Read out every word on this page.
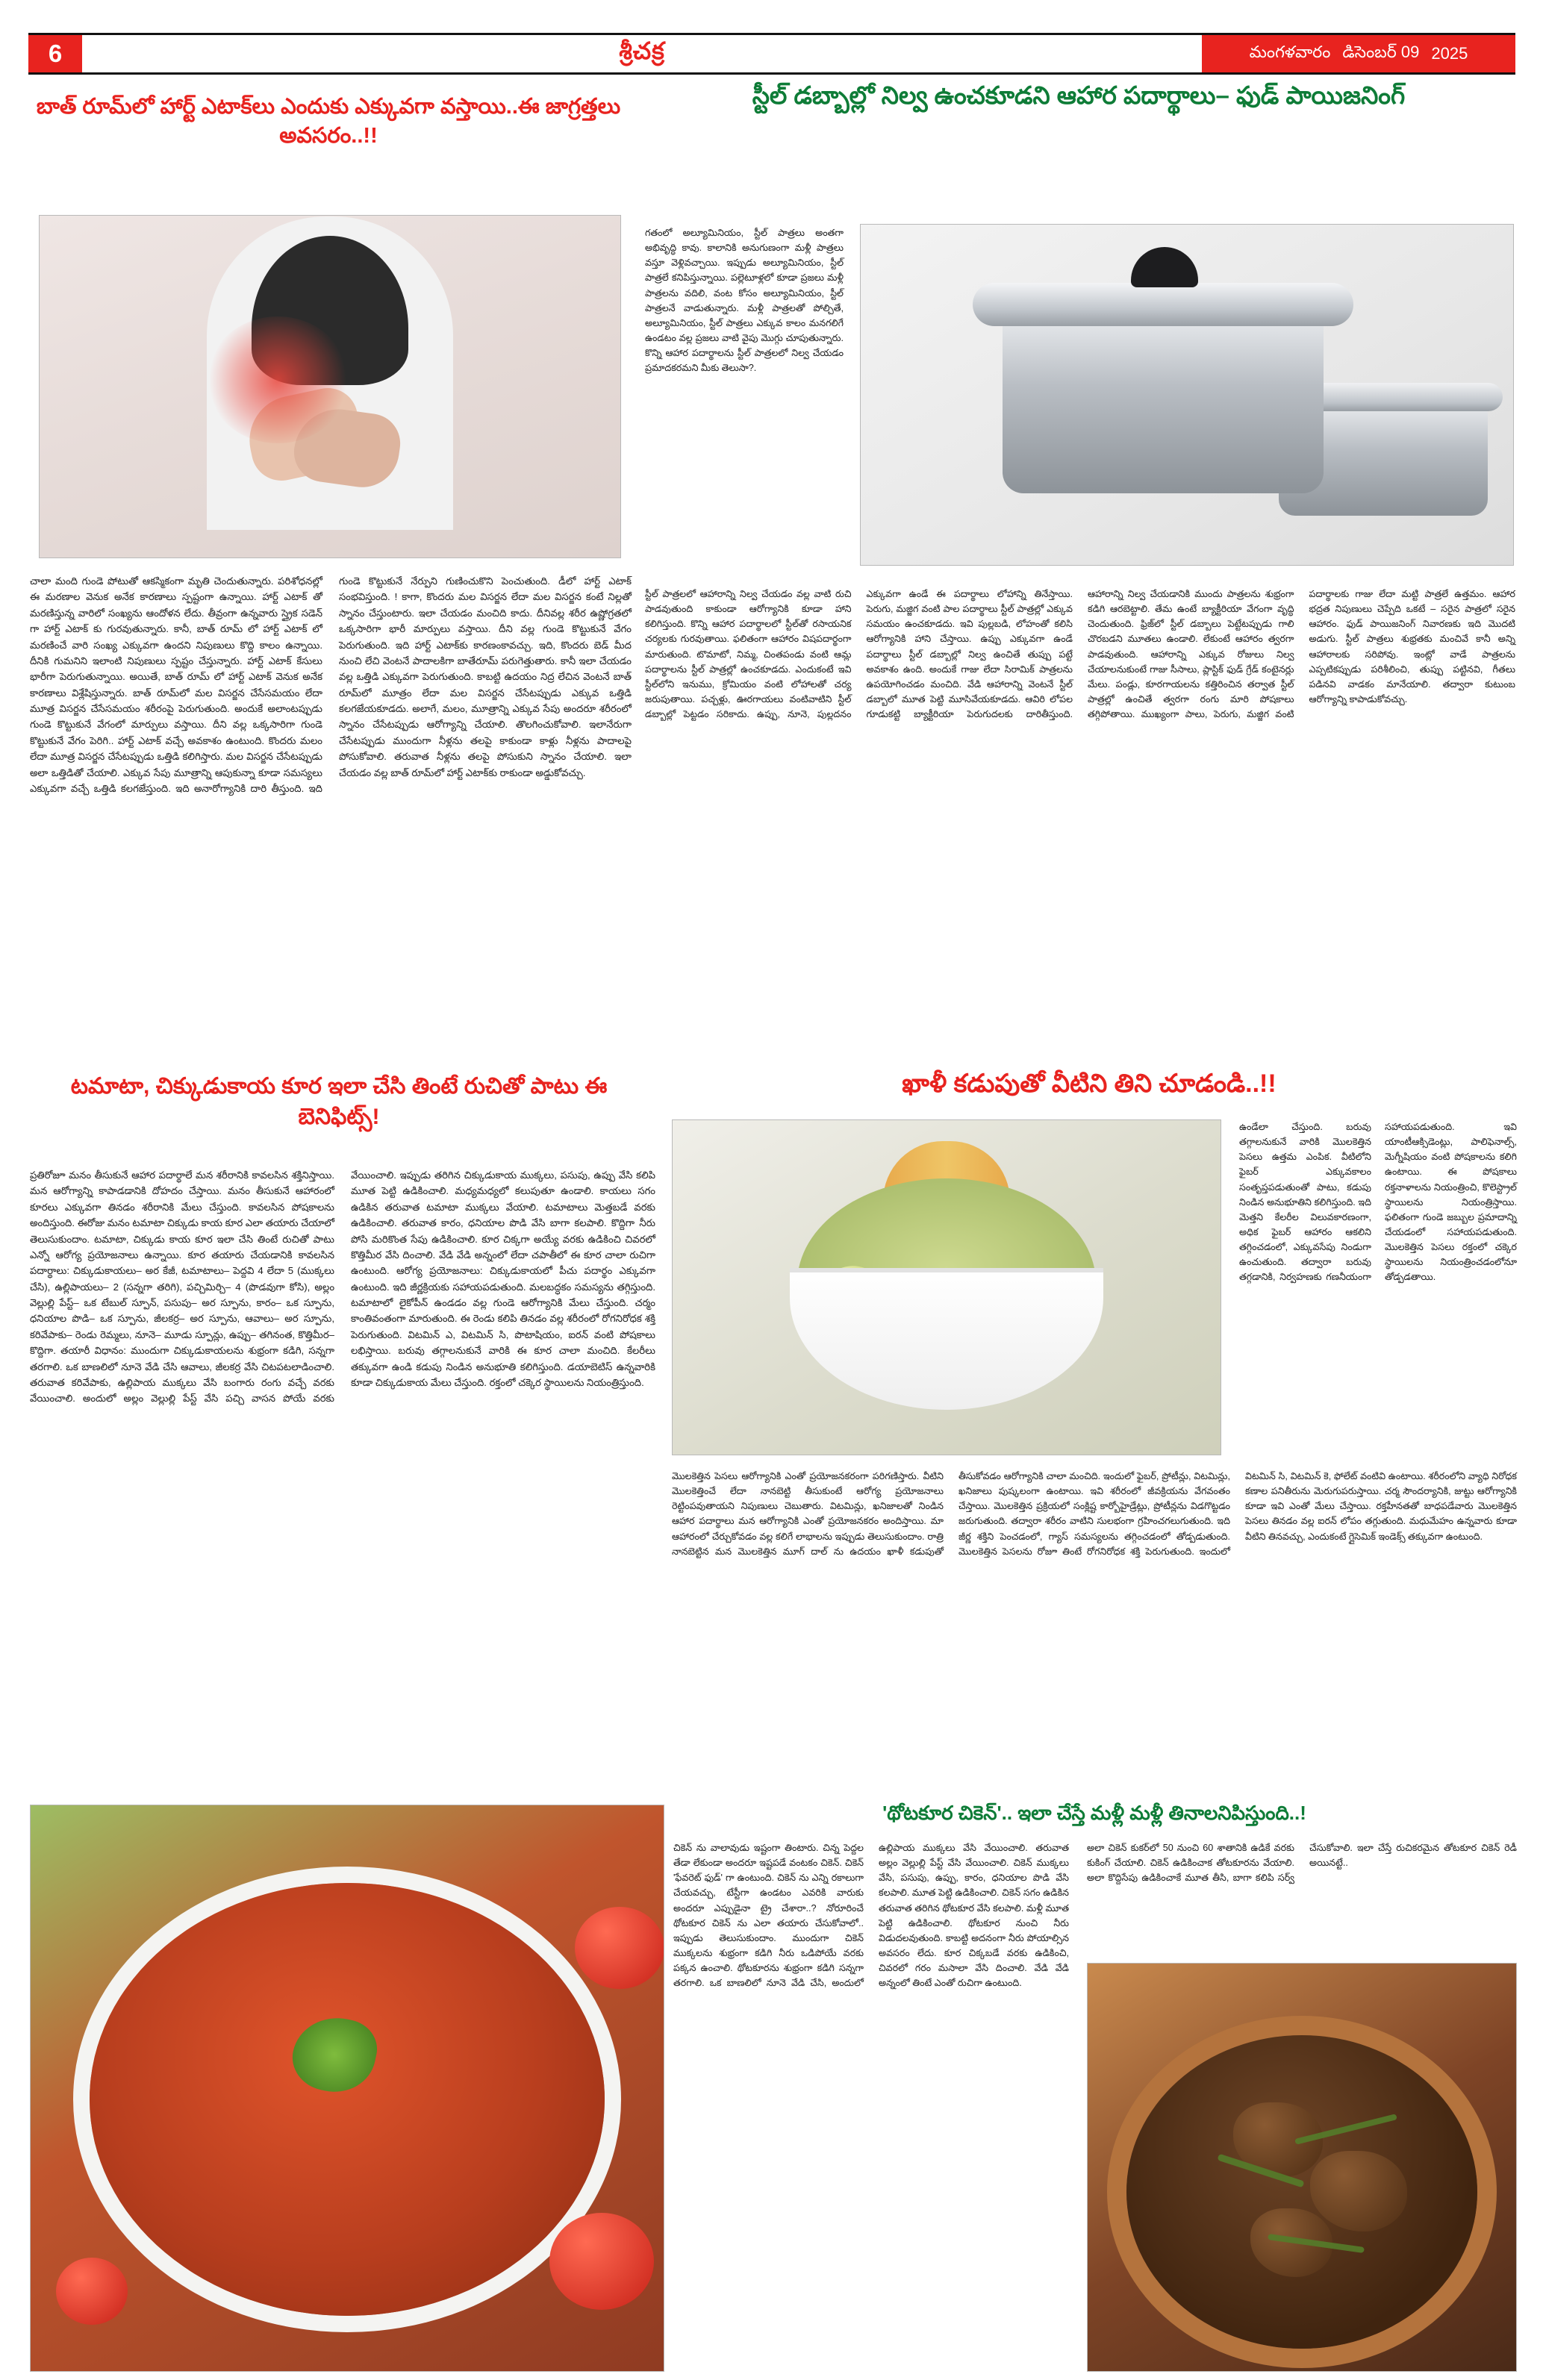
6	శ్రీచక్ర	మంగళవారం డిసెంబర్ 09 2025
బాత్ రూమ్‌లో హార్ట్ ఎటాక్‌లు ఎందుకు ఎక్కువగా వస్తాయి..ఈ జాగ్రత్తలు అవసరం..!!
చాలా మంది గుండె పోటుతో ఆకస్మికంగా మృతి చెందుతున్నారు. పరిశోధనల్లో ఈ మరణాల వెనుక అనేక కారణాలు స్పష్టంగా ఉన్నాయి. హార్ట్ ఎటాక్ తో మరణిస్తున్న వారిలో సంఖ్యను ఆందోళన లేదు. తీవ్రంగా ఉన్నవారు స్త్రైక సడెన్ గా హార్ట్ ఎటాక్ కు గురవుతున్నారు. కానీ, బాత్ రూమ్ లో హార్ట్ ఎటాక్ లో మరణించే వారి సంఖ్య ఎక్కువగా ఉందని నిపుణులు కొద్ది కాలం ఉన్నాయి. దీనికి గుమనిని ఇలాంటి నిపుణులు స్పష్టం చేస్తున్నారు. హార్ట్ ఎటాక్ కేసులు భారీగా పెరుగుతున్నాయి. అయితే, బాత్ రూమ్ లో హార్ట్ ఎటాక్ వెనుక అనేక కారణాలు విశ్లేషిస్తున్నారు. బాత్ రూమ్‌లో మల విసర్జన చేసేసమయం లేదా మూత్ర విసర్జన చేసేసమయం శరీరంపై పెరుగుతుంది. అందుకే అలాంటప్పుడు గుండె కొట్టుకునే వేగంలో మార్పులు వస్తాయి. దీని వల్ల ఒక్కసారిగా గుండె కొట్టుకునే వేగం పెరిగి.. హార్ట్ ఎటాక్ వచ్చే అవకాశం ఉంటుంది. కొందరు మలం లేదా మూత్ర విసర్జన చేసేటప్పుడు ఒత్తిడి కలిగిస్తారు. మల విసర్జన చేసేటప్పుడు అలా ఒత్తిడితో చేయాలి. ఎక్కువ సేపు మూత్రాన్ని ఆపుకున్నా కూడా సమస్యలు ఎక్కువగా వచ్చే ఒత్తిడి కలగజేస్తుంది. ఇది అనారోగ్యానికి దారి తీస్తుంది. ఇది గుండె కొట్టుకునే నేర్పుని గుణించుకొని పెంచుతుంది. డీలో హార్ట్ ఎటాక్ సంభవిస్తుంది. ! కాగా, కొందరు మల విసర్జన లేదా మల విసర్జన కంటే నిల్లతో స్నానం చేస్తుంటారు. ఇలా చేయడం మంచిది కాదు. దీనివల్ల శరీర ఉష్ణోగ్రతలో ఒక్కసారిగా భారీ మార్పులు వస్తాయి. దీని వల్ల గుండె కొట్టుకునే వేగం పెరుగుతుంది. ఇది హార్ట్ ఎటాక్‌కు కారణంకావచ్చు. ఇది, కొందరు బెడ్ మీద నుంచి లేచి వెంటనే పాదాలకిగా బాతేరూమ్ పరుగెత్తుతారు. కానీ ఇలా చేయడం వల్ల ఒత్తిడి ఎక్కువగా పెరుగుతుంది. కాబట్టి ఉదయం నిద్ర లేచిన వెంటనే బాత్ రూమ్‌లో మూత్రం లేదా మల విసర్జన చేసేటప్పుడు ఎక్కువ ఒత్తిడి కలగజేయకూడదు. అలాగే, మలం, మూత్రాన్ని ఎక్కువ సేపు అందరూ శరీరంలో స్నానం చేసేటప్పుడు ఆరోగ్యాన్ని చేయాలి. తొలగించుకోవాలి. ఇలానేరుగా చేసేటప్పుడు ముందుగా నీళ్లను తలపై కాకుండా కాళ్లు నీళ్లను పాదాలపై పోసుకోవాలి. తరువాత నీళ్లను తలపై పోసుకుని స్నానం చేయాలి. ఇలా చేయడం వల్ల బాత్ రూమ్‌లో హార్ట్ ఎటాక్‌కు రాకుండా అడ్డుకోవచ్చు.
స్టీల్ డబ్బాల్లో నిల్వ ఉంచకూడని ఆహార పదార్థాలు– ఫుడ్ పాయిజనింగ్
గతంలో అల్యూమినియం, స్టీల్ పాత్రలు అంతగా అభివృద్ధి కావు. కాలానికి అనుగుణంగా మళ్లీ పాత్రలు వస్తూ వెళ్లివచ్చాయి. ఇప్పుడు అల్యూమినియం, స్టీల్ పాత్రలే కనిపిస్తున్నాయి. పల్లెటూళ్లలో కూడా ప్రజలు మళ్లీ పాత్రలను వదిలి, వంట కోసం అల్యూమినియం, స్టీల్ పాత్రలనే వాడుతున్నారు. మళ్లీ పాత్రలతో పోల్చితే, అల్యూమినియం, స్టీల్ పాత్రలు ఎక్కువ కాలం మనగలిగే ఉండటం వల్ల ప్రజలు వాటి వైపు మొగ్గు చూపుతున్నారు. కొన్ని ఆహార పదార్థాలను స్టీల్ పాత్రలలో నిల్వ చేయడం ప్రమాదకరమని మీకు తెలుసా?.
స్టీల్ పాత్రలలో ఆహారాన్ని నిల్వ చేయడం వల్ల వాటి రుచి పాడవుతుంది కాకుండా ఆరోగ్యానికి కూడా హాని కలిగిస్తుంది. కొన్ని ఆహార పదార్థాలలో స్టీల్‌తో రసాయనిక చర్యలకు గురవుతాయి. ఫలితంగా ఆహారం విషపదార్థంగా మారుతుంది. టొమాటో, నిమ్మ, చింతపండు వంటి ఆమ్ల పదార్థాలను స్టీల్ పాత్రల్లో ఉంచకూడదు. ఎందుకంటే ఇవి స్టీల్‌లోని ఇనుము, క్రోమియం వంటి లోహాలతో చర్య జరుపుతాయి. పచ్చళ్లు, ఊరగాయలు వంటివాటిని స్టీల్ డబ్బాల్లో పెట్టడం సరికాదు. ఉప్పు, నూనె, పుల్లదనం ఎక్కువగా ఉండే ఈ పదార్థాలు లోహాన్ని తినేస్తాయి. పెరుగు, మజ్జిగ వంటి పాల పదార్థాలు స్టీల్ పాత్రల్లో ఎక్కువ సమయం ఉంచకూడదు. ఇవి పుల్లబడి, లోహంతో కలిసి ఆరోగ్యానికి హాని చేస్తాయి. ఉప్పు ఎక్కువగా ఉండే పదార్థాలు స్టీల్ డబ్బాల్లో నిల్వ ఉంచితే తుప్పు పట్టే అవకాశం ఉంది. అందుకే గాజు లేదా సిరామిక్ పాత్రలను ఉపయోగించడం మంచిది. వేడి ఆహారాన్ని వెంటనే స్టీల్ డబ్బాలో మూత పెట్టి మూసివేయకూడదు. ఆవిరి లోపల గూడుకట్టి బ్యాక్టీరియా పెరుగుదలకు దారితీస్తుంది. ఆహారాన్ని నిల్వ చేయడానికి ముందు పాత్రలను శుభ్రంగా కడిగి ఆరబెట్టాలి. తేమ ఉంటే బ్యాక్టీరియా వేగంగా వృద్ధి చెందుతుంది. ఫ్రిజ్‌లో స్టీల్ డబ్బాలు పెట్టేటప్పుడు గాలి చొరబడని మూతలు ఉండాలి. లేకుంటే ఆహారం త్వరగా పాడవుతుంది. ఆహారాన్ని ఎక్కువ రోజులు నిల్వ చేయాలనుకుంటే గాజు సీసాలు, ప్లాస్టిక్ ఫుడ్ గ్రేడ్ కంటైనర్లు మేలు. పండ్లు, కూరగాయలను కత్తిరించిన తర్వాత స్టీల్ పాత్రల్లో ఉంచితే త్వరగా రంగు మారి పోషకాలు తగ్గిపోతాయి. ముఖ్యంగా పాలు, పెరుగు, మజ్జిగ వంటి పదార్థాలకు గాజు లేదా మట్టి పాత్రలే ఉత్తమం. ఆహార భద్రత నిపుణులు చెప్పేది ఒకటే – సరైన పాత్రలో సరైన ఆహారం. ఫుడ్ పాయిజనింగ్ నివారణకు ఇది మొదటి అడుగు. స్టీల్ పాత్రలు శుభ్రతకు మంచివే కానీ అన్ని ఆహారాలకు సరిపోవు. ఇంట్లో వాడే పాత్రలను ఎప్పటికప్పుడు పరిశీలించి, తుప్పు పట్టినవి, గీతలు పడినవి వాడకం మానేయాలి. తద్వారా కుటుంబ ఆరోగ్యాన్ని కాపాడుకోవచ్చు.
టమాటా, చిక్కుడుకాయ కూర ఇలా చేసి తింటే రుచితో పాటు ఈ బెనిఫిట్స్!
ప్రతిరోజూ మనం తీసుకునే ఆహార పదార్థాలే మన శరీరానికి కావలసిన శక్తినిస్తాయి. మన ఆరోగ్యాన్ని కాపాడడానికి దోహదం చేస్తాయి. మనం తీసుకునే ఆహారంలో కూరలు ఎక్కువగా తినడం శరీరానికి మేలు చేస్తుంది. కావలసిన పోషకాలను అందిస్తుంది. ఈరోజు మనం టమాటా చిక్కుడు కాయ కూర ఎలా తయారు చేయాలో తెలుసుకుందాం. టమాటా, చిక్కుడు కాయ కూర ఇలా చేసి తింటే రుచితో పాటు ఎన్నో ఆరోగ్య ప్రయోజనాలు ఉన్నాయి. కూర తయారు చేయడానికి కావలసిన పదార్థాలు: చిక్కుడుకాయలు– అర కేజీ, టమాటాలు– పెద్దవి 4 లేదా 5 (ముక్కలు చేసి), ఉల్లిపాయలు– 2 (సన్నగా తరిగి), పచ్చిమిర్చి– 4 (పొడవుగా కోసి), అల్లం వెల్లుల్లి పేస్ట్– ఒక టేబుల్ స్పూన్, పసుపు– అర స్పూను, కారం– ఒక స్పూను, ధనియాల పొడి– ఒక స్పూను, జీలకర్ర– అర స్పూను, ఆవాలు– అర స్పూను, కరివేపాకు– రెండు రెమ్మలు, నూనె– మూడు స్పూన్లు, ఉప్పు– తగినంత, కొత్తిమీర– కొద్దిగా. తయారీ విధానం: ముందుగా చిక్కుడుకాయలను శుభ్రంగా కడిగి, సన్నగా తరగాలి. ఒక బాణలిలో నూనె వేడి చేసి ఆవాలు, జీలకర్ర వేసి చిటపటలాడించాలి. తరువాత కరివేపాకు, ఉల్లిపాయ ముక్కలు వేసి బంగారు రంగు వచ్చే వరకు వేయించాలి. అందులో అల్లం వెల్లుల్లి పేస్ట్ వేసి పచ్చి వాసన పోయే వరకు వేయించాలి. ఇప్పుడు తరిగిన చిక్కుడుకాయ ముక్కలు, పసుపు, ఉప్పు వేసి కలిపి మూత పెట్టి ఉడికించాలి. మధ్యమధ్యలో కలుపుతూ ఉండాలి. కాయలు సగం ఉడికిన తరువాత టమాటా ముక్కలు వేయాలి. టమాటాలు మెత్తబడే వరకు ఉడికించాలి. తరువాత కారం, ధనియాల పొడి వేసి బాగా కలపాలి. కొద్దిగా నీరు పోసి మరికొంత సేపు ఉడికించాలి. కూర చిక్కగా అయ్యే వరకు ఉడికించి చివరలో కొత్తిమీర వేసి దించాలి. వేడి వేడి అన్నంలో లేదా చపాతీలో ఈ కూర చాలా రుచిగా ఉంటుంది. ఆరోగ్య ప్రయోజనాలు: చిక్కుడుకాయలో పీచు పదార్థం ఎక్కువగా ఉంటుంది. ఇది జీర్ణక్రియకు సహాయపడుతుంది. మలబద్ధకం సమస్యను తగ్గిస్తుంది. టమాటాలో లైకోపీన్ ఉండడం వల్ల గుండె ఆరోగ్యానికి మేలు చేస్తుంది. చర్మం కాంతివంతంగా మారుతుంది. ఈ రెండు కలిపి తినడం వల్ల శరీరంలో రోగనిరోధక శక్తి పెరుగుతుంది. విటమిన్ ఎ, విటమిన్ సి, పొటాషియం, ఐరన్ వంటి పోషకాలు లభిస్తాయి. బరువు తగ్గాలనుకునే వారికి ఈ కూర చాలా మంచిది. కేలరీలు తక్కువగా ఉండి కడుపు నిండిన అనుభూతి కలిగిస్తుంది. డయాబెటిస్ ఉన్నవారికి కూడా చిక్కుడుకాయ మేలు చేస్తుంది. రక్తంలో చక్కెర స్థాయిలను నియంత్రిస్తుంది.
ఖాళీ కడుపుతో వీటిని తిని చూడండి..!!
ఉండేలా చేస్తుంది. బరువు తగ్గాలనుకునే వారికి మొలకెత్తిన పెసలు ఉత్తమ ఎంపిక. వీటిలోని ఫైబర్ ఎక్కువకాలం సంతృప్తపడుతుంతో పాటు, కడుపు నిండిన అనుభూతిని కలిగిస్తుంది. ఇది మెత్తని కేలరీల విలువకారణంగా, అధిక ఫైబర్ ఆహారం ఆకలిని తగ్గించడంలో, ఎక్కువసేపు నిండుగా ఉంచుతుంది. తద్వారా బరువు తగ్గడానికి, నిర్వహణకు గణనీయంగా సహాయపడుతుంది. ఇవి యాంటీఆక్సిడెంట్లు, పాలిఫెనాల్స్, మెగ్నీషియం వంటి పోషకాలను కలిగి ఉంటాయి. ఈ పోషకాలు రక్తనాళాలను నియంత్రించి, కొలెస్ట్రాల్ స్థాయిలను నియంత్రిస్తాయి. ఫలితంగా గుండె జబ్బుల ప్రమాదాన్ని చేయడంలో సహాయపడుతుంది. మొలకెత్తిన పెసలు రక్తంలో చక్కెర స్థాయిలను నియంత్రించడంలోనూ తోడ్పడతాయి.
మొలకెత్తిన పెసలు ఆరోగ్యానికి ఎంతో ప్రయోజనకరంగా పరిగణిస్తారు. వీటిని మొలకెత్తించే లేదా నానబెట్టి తీసుకుంటే ఆరోగ్య ప్రయోజనాలు రెట్టింపవుతాయని నిపుణులు చెబుతారు. విటమిన్లు, ఖనిజాలతో నిండిన ఆహార పదార్థాలు మన ఆరోగ్యానికి ఎంతో ప్రయోజనకరం అందిస్తాయి. మా ఆహారంలో చేర్చుకోవడం వల్ల కలిగే లాభాలను ఇప్పుడు తెలుసుకుందాం. రాత్రి నానబెట్టిన మన మొలకెత్తిన మూగ్ దాల్ ను ఉదయం ఖాళీ కడుపుతో తీసుకోవడం ఆరోగ్యానికి చాలా మంచిది. ఇందులో ఫైబర్, ప్రోటీన్లు, విటమిన్లు, ఖనిజాలు పుష్కలంగా ఉంటాయి. ఇవి శరీరంలో జీవక్రియను వేగవంతం చేస్తాయి. మొలకెత్తిన ప్రక్రియలో సంక్లిష్ట కార్బోహైడ్రేట్లు, ప్రోటీన్లను విడగొట్టడం జరుగుతుంది. తద్వారా శరీరం వాటిని సులభంగా గ్రహించగలుగుతుంది. ఇది జీర్ణ శక్తిని పెంచడంలో, గ్యాస్ సమస్యలను తగ్గించడంలో తోడ్పడుతుంది. మొలకెత్తిన పెసలను రోజూ తింటే రోగనిరోధక శక్తి పెరుగుతుంది. ఇందులో విటమిన్ సి, విటమిన్ కె, ఫోలేట్ వంటివి ఉంటాయి. శరీరంలోని వ్యాధి నిరోధక కణాల పనితీరును మెరుగుపరుస్తాయి. చర్మ సౌందర్యానికి, జుట్టు ఆరోగ్యానికి కూడా ఇవి ఎంతో మేలు చేస్తాయి. రక్తహీనతతో బాధపడేవారు మొలకెత్తిన పెసలు తినడం వల్ల ఐరన్ లోపం తగ్గుతుంది. మధుమేహం ఉన్నవారు కూడా వీటిని తినవచ్చు, ఎందుకంటే గ్లైసెమిక్ ఇండెక్స్ తక్కువగా ఉంటుంది.
'థోటకూర చికెన్'.. ఇలా చేస్తే మళ్లీ మళ్లీ తినాలనిపిస్తుంది..!
చికెన్ ను వాలావుడు ఇష్టంగా తింటారు. చిన్న పెద్దల తేడా లేకుండా అందరూ ఇష్టపడే వంటకం చికెన్. చికెన్ 'ఫేవరెట్ ఫుడ్' గా ఉంటుంది. చికెన్ ను ఎన్ని రకాలుగా చేయవచ్చు, టేస్టీగా ఉండటం ఎవరికి వారుకు అందరూ ఎప్పుడైనా ట్రై చేశారా..? నోరూరించే థోటకూర చికెన్ ను ఎలా తయారు చేసుకోవాలో.. ఇప్పుడు తెలుసుకుందాం. ముందుగా చికెన్ ముక్కలను శుభ్రంగా కడిగి నీరు ఒడిపోయే వరకు పక్కన ఉంచాలి. థోటకూరను శుభ్రంగా కడిగి సన్నగా తరగాలి. ఒక బాణలిలో నూనె వేడి చేసి, అందులో ఉల్లిపాయ ముక్కలు వేసి వేయించాలి. తరువాత అల్లం వెల్లుల్లి పేస్ట్ వేసి వేయించాలి. చికెన్ ముక్కలు వేసి, పసుపు, ఉప్పు, కారం, ధనియాల పొడి వేసి కలపాలి. మూత పెట్టి ఉడికించాలి. చికెన్ సగం ఉడికిన తరువాత తరిగిన థోటకూర వేసి కలపాలి. మళ్లీ మూత పెట్టి ఉడికించాలి. థోటకూర నుంచి నీరు విడుదలవుతుంది. కాబట్టి అదనంగా నీరు పోయాల్సిన అవసరం లేదు. కూర చిక్కబడే వరకు ఉడికించి, చివరలో గరం మసాలా వేసి దించాలి. వేడి వేడి అన్నంలో తింటే ఎంతో రుచిగా ఉంటుంది.
అలా చికెన్ కుకర్‌లో 50 నుంచి 60 శాతానికి ఉడికే వరకు కుకింగ్ చేయాలి. చికెన్ ఉడికించాక తోటకూరను వేయాలి. అలా కొద్దిసేపు ఉడికించాకే మూత తీసి, బాగా కలిపి సర్వ్ చేసుకోవాలి. ఇలా చేస్తే రుచికరమైన తోటకూర చికెన్ రెడీ అయినట్టే..
